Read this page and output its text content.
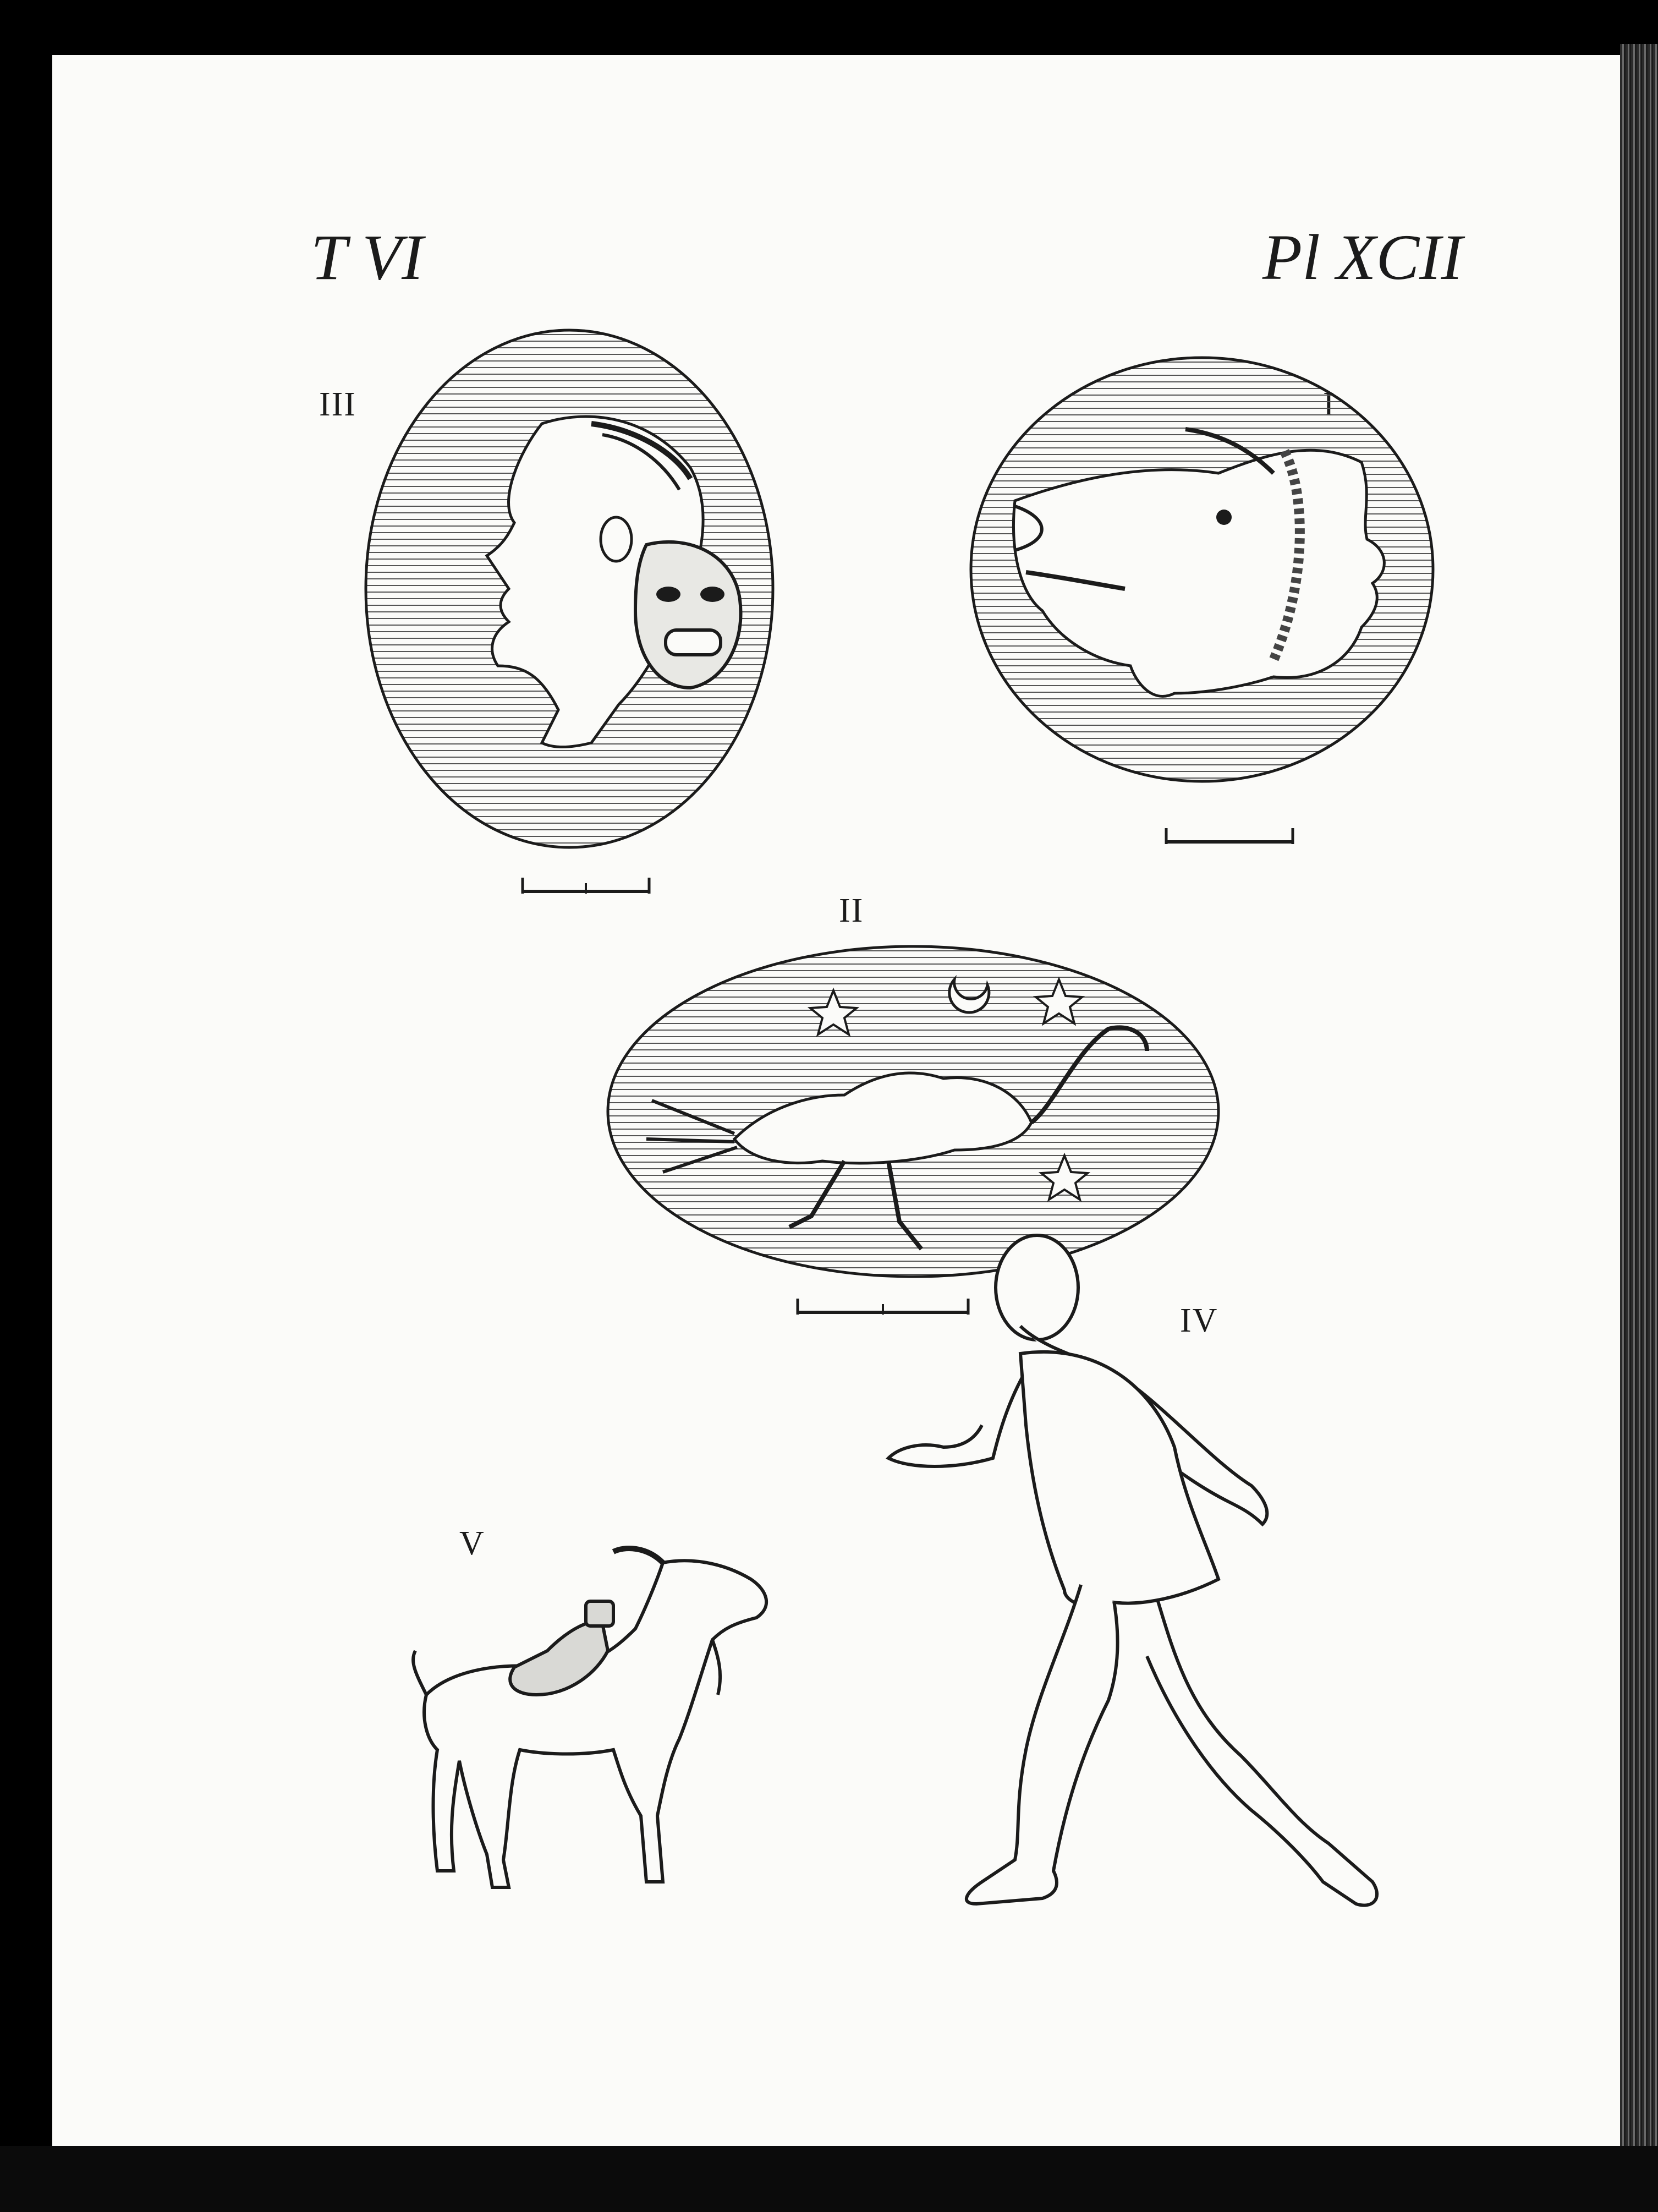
T VI	Pl XCII
III
II
IV
V
